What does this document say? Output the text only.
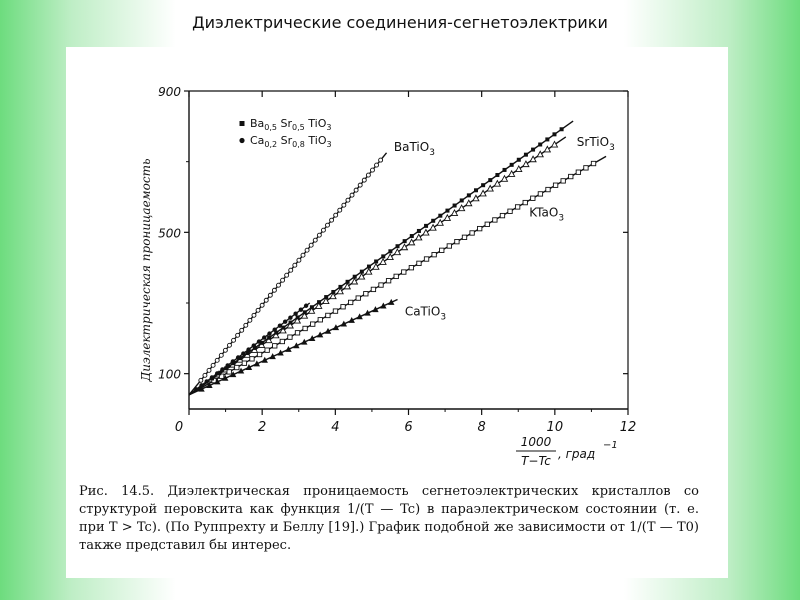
Диэлектрические соединения-сегнетоэлектрики
0	2	4	6	8	10	12
100
500
900
Диэлектрическая проницаемость
1000
T−Tc , град
−1
BaTiO$_3$
SrTiO$_3$
KTaO$_3$
CaTiO$_3$
$Ba_{0,5}$ $Sr_{0,5}$ TiO$_3$
$Ca_{0,2}$ $Sr_{0,8}$ TiO$_3$
Рис. 14.5. Диэлектрическая проницаемость сегнетоэлектрических кристаллов со структурой перовскита как функция 1/(T — Tc) в параэлектрическом состоянии (т. е. при T > Tc). (По Руппрехту и Беллу [19].) График подобной же зависимости от 1/(T — T0) также представил бы интерес.
